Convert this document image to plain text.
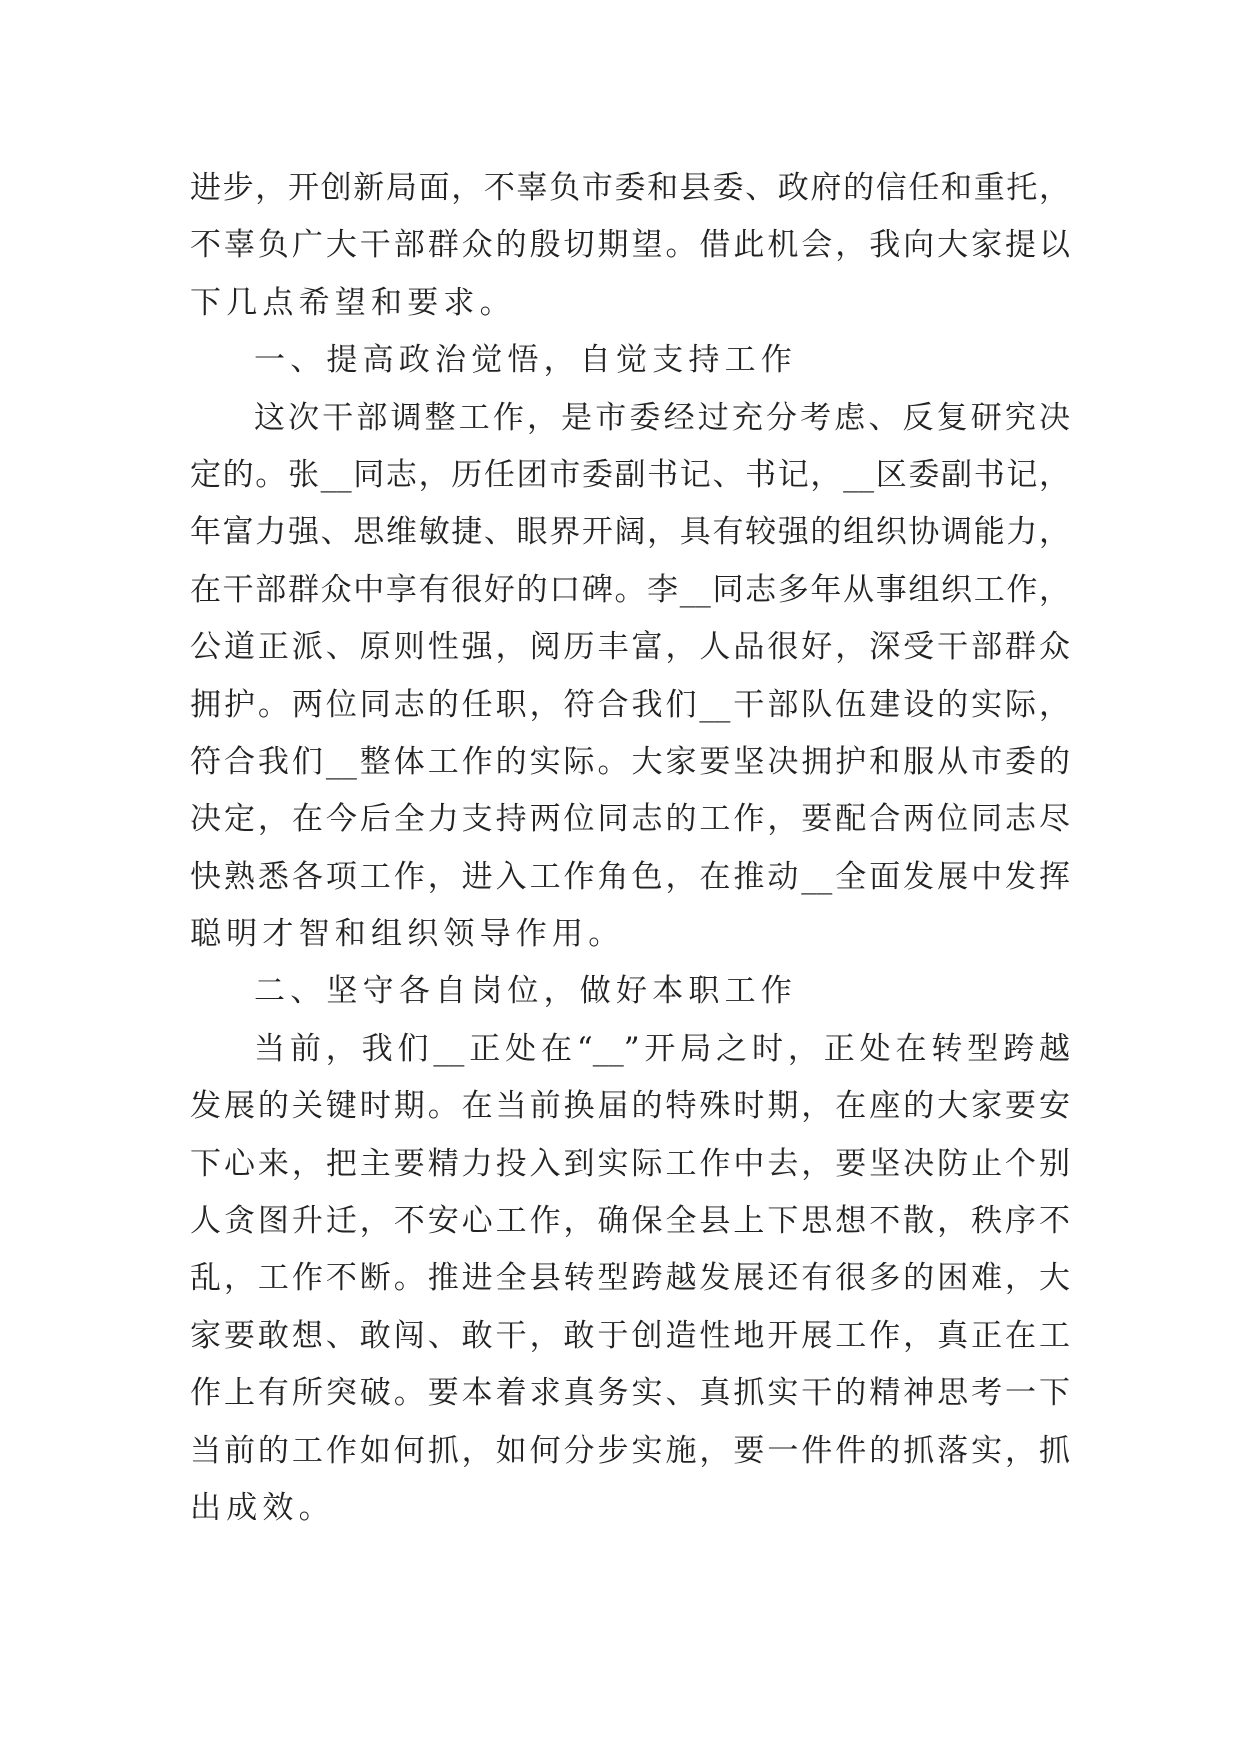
进步，开创新局面，不辜负市委和县委、政府的信任和重托，
不辜负广大干部群众的殷切期望。借此机会，我向大家提以
下几点希望和要求。
一、提高政治觉悟，自觉支持工作
这次干部调整工作，是市委经过充分考虑、反复研究决
定的。张__同志，历任团市委副书记、书记，__区委副书记，
年富力强、思维敏捷、眼界开阔，具有较强的组织协调能力，
在干部群众中享有很好的口碑。李__同志多年从事组织工作，
公道正派、原则性强，阅历丰富，人品很好，深受干部群众
拥护。两位同志的任职，符合我们__干部队伍建设的实际，
符合我们__整体工作的实际。大家要坚决拥护和服从市委的
决定，在今后全力支持两位同志的工作，要配合两位同志尽
快熟悉各项工作，进入工作角色，在推动__全面发展中发挥
聪明才智和组织领导作用。
二、坚守各自岗位，做好本职工作
当前，我们__正处在“__”开局之时，正处在转型跨越
发展的关键时期。在当前换届的特殊时期，在座的大家要安
下心来，把主要精力投入到实际工作中去，要坚决防止个别
人贪图升迁，不安心工作，确保全县上下思想不散，秩序不
乱，工作不断。推进全县转型跨越发展还有很多的困难，大
家要敢想、敢闯、敢干，敢于创造性地开展工作，真正在工
作上有所突破。要本着求真务实、真抓实干的精神思考一下
当前的工作如何抓，如何分步实施，要一件件的抓落实，抓
出成效。
